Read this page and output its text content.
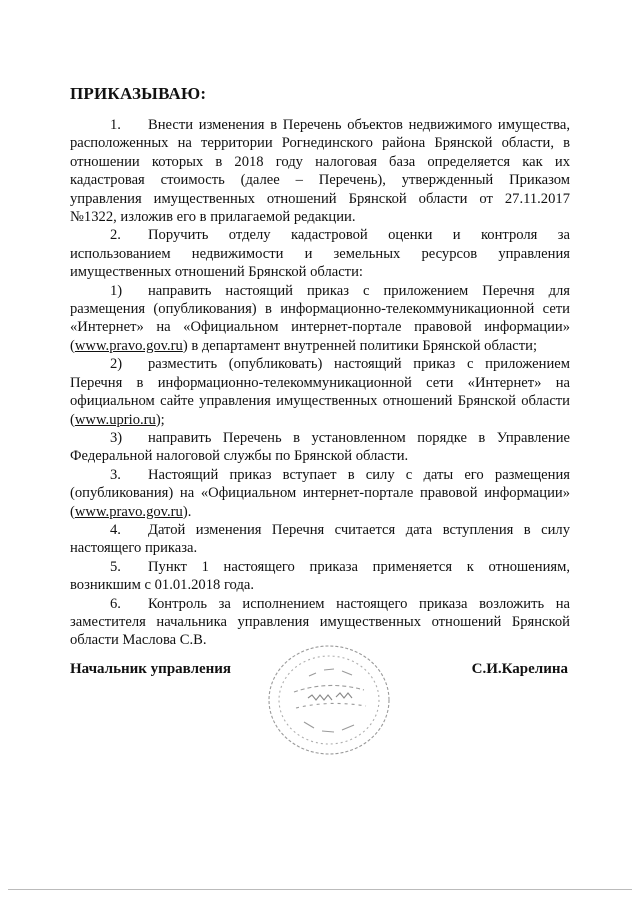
ПРИКАЗЫВАЮ:

1. Внести изменения в Перечень объектов недвижимого имущества, расположенных на территории Рогнединского района Брянской области, в отношении которых в 2018 году налоговая база определяется как их кадастровая стоимость (далее – Перечень), утвержденный Приказом управления имущественных отношений Брянской области от 27.11.2017 №1322, изложив его в прилагаемой редакции.

2. Поручить отделу кадастровой оценки и контроля за использованием недвижимости и земельных ресурсов управления имущественных отношений Брянской области:

1) направить настоящий приказ с приложением Перечня для размещения (опубликования) в информационно-телекоммуникационной сети «Интернет» на «Официальном интернет-портале правовой информации» (www.pravo.gov.ru) в департамент внутренней политики Брянской области;

2) разместить (опубликовать) настоящий приказ с приложением Перечня в информационно-телекоммуникационной сети «Интернет» на официальном сайте управления имущественных отношений Брянской области (www.uprio.ru);

3) направить Перечень в установленном порядке в Управление Федеральной налоговой службы по Брянской области.

3. Настоящий приказ вступает в силу с даты его размещения (опубликования) на «Официальном интернет-портале правовой информации» (www.pravo.gov.ru).

4. Датой изменения Перечня считается дата вступления в силу настоящего приказа.

5. Пункт 1 настоящего приказа применяется к отношениям, возникшим с 01.01.2018 года.

6. Контроль за исполнением настоящего приказа возложить на заместителя начальника управления имущественных отношений Брянской области Маслова С.В.

Начальник управления	С.И.Карелина
